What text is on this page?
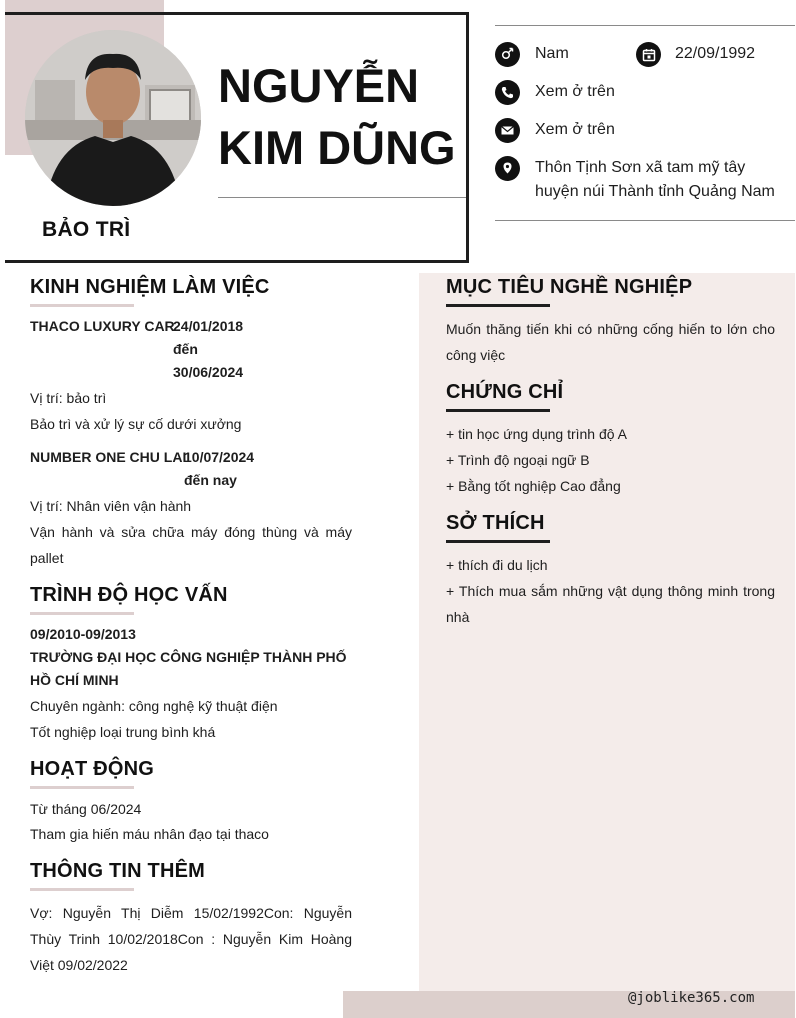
@joblike365.com
NGUYỄN
KIM DŨNG
BẢO TRÌ
Nam	22/09/1992
Xem ở trên
Xem ở trên
Thôn Tịnh Sơn xã tam mỹ tây
huyện núi Thành tỉnh Quảng Nam
KINH NGHIỆM LÀM VIỆC
THACO LUXURY CAR
24/01/2018
đến
30/06/2024
Vị trí: bảo trì
Bảo trì và xử lý sự cố dưới xưởng
NUMBER ONE CHU LAI
10/07/2024
đến nay
Vị trí: Nhân viên vận hành
Vận hành và sửa chữa máy đóng thùng và máy pallet
TRÌNH ĐỘ HỌC VẤN
09/2010-09/2013
TRƯỜNG ĐẠI HỌC CÔNG NGHIỆP THÀNH PHỐ HỒ CHÍ MINH
Chuyên ngành: công nghệ kỹ thuật điện
Tốt nghiệp loại trung bình khá
HOẠT ĐỘNG
Từ tháng 06/2024
Tham gia hiến máu nhân đạo tại thaco
THÔNG TIN THÊM
Vợ: Nguyễn Thị Diễm 15/02/1992Con: Nguyễn Thùy Trinh 10/02/2018Con : Nguyễn Kim Hoàng Việt 09/02/2022
MỤC TIÊU NGHỀ NGHIỆP
Muốn thăng tiến khi có những cống hiến to lớn cho công việc
CHỨNG CHỈ
+ tin học ứng dụng trình độ A
+ Trình độ ngoại ngữ B
+ Bằng tốt nghiệp Cao đẳng
SỞ THÍCH
+ thích đi du lịch
+ Thích mua sắm những vật dụng thông minh trong nhà
